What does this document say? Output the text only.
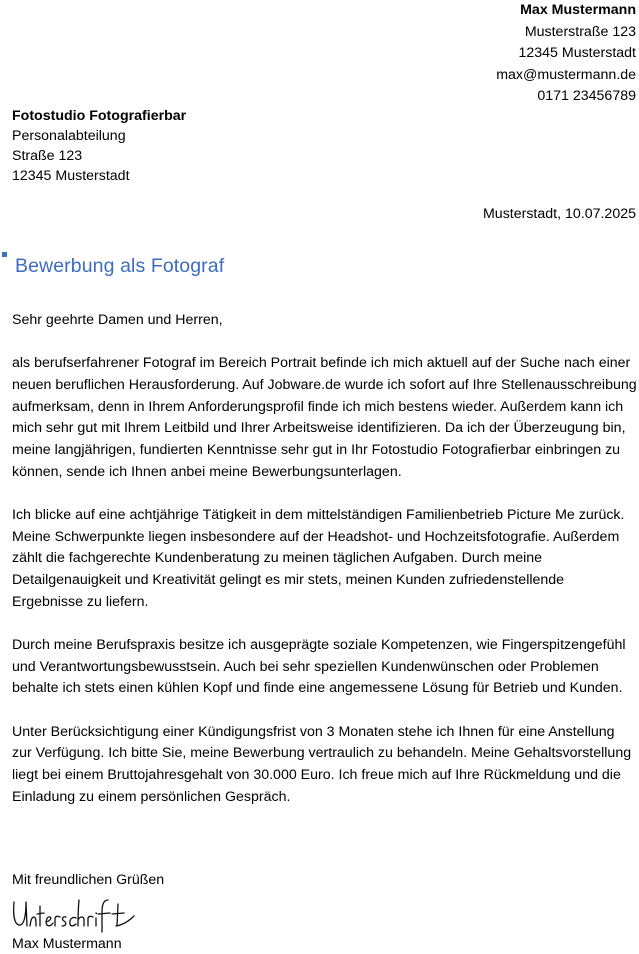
Max Mustermann
Musterstraße 123
12345 Musterstadt
max@mustermann.de
0171 23456789
Fotostudio Fotografierbar
Personalabteilung
Straße 123
12345 Musterstadt
Musterstadt, 10.07.2025
Bewerbung als Fotograf

Sehr geehrte Damen und Herren,

als berufserfahrener Fotograf im Bereich Portrait befinde ich mich aktuell auf der Suche nach einer neuen beruflichen Herausforderung. Auf Jobware.de wurde ich sofort auf Ihre Stellenausschreibung aufmerksam, denn in Ihrem Anforderungsprofil finde ich mich bestens wieder. Außerdem kann ich mich sehr gut mit Ihrem Leitbild und Ihrer Arbeitsweise identifizieren. Da ich der Überzeugung bin, meine langjährigen, fundierten Kenntnisse sehr gut in Ihr Fotostudio Fotografierbar einbringen zu können, sende ich Ihnen anbei meine Bewerbungsunterlagen.

Ich blicke auf eine achtjährige Tätigkeit in dem mittelständigen Familienbetrieb Picture Me zurück. Meine Schwerpunkte liegen insbesondere auf der Headshot- und Hochzeitsfotografie. Außerdem zählt die fachgerechte Kundenberatung zu meinen täglichen Aufgaben. Durch meine Detailgenauigkeit und Kreativität gelingt es mir stets, meinen Kunden zufriedenstellende Ergebnisse zu liefern.

Durch meine Berufspraxis besitze ich ausgeprägte soziale Kompetenzen, wie Fingerspitzengefühl und Verantwortungsbewusstsein. Auch bei sehr speziellen Kundenwünschen oder Problemen behalte ich stets einen kühlen Kopf und finde eine angemessene Lösung für Betrieb und Kunden.

Unter Berücksichtigung einer Kündigungsfrist von 3 Monaten stehe ich Ihnen für eine Anstellung zur Verfügung. Ich bitte Sie, meine Bewerbung vertraulich zu behandeln. Meine Gehaltsvorstellung liegt bei einem Bruttojahresgehalt von 30.000 Euro. Ich freue mich auf Ihre Rückmeldung und die Einladung zu einem persönlichen Gespräch.

Mit freundlichen Grüßen
Max Mustermann
